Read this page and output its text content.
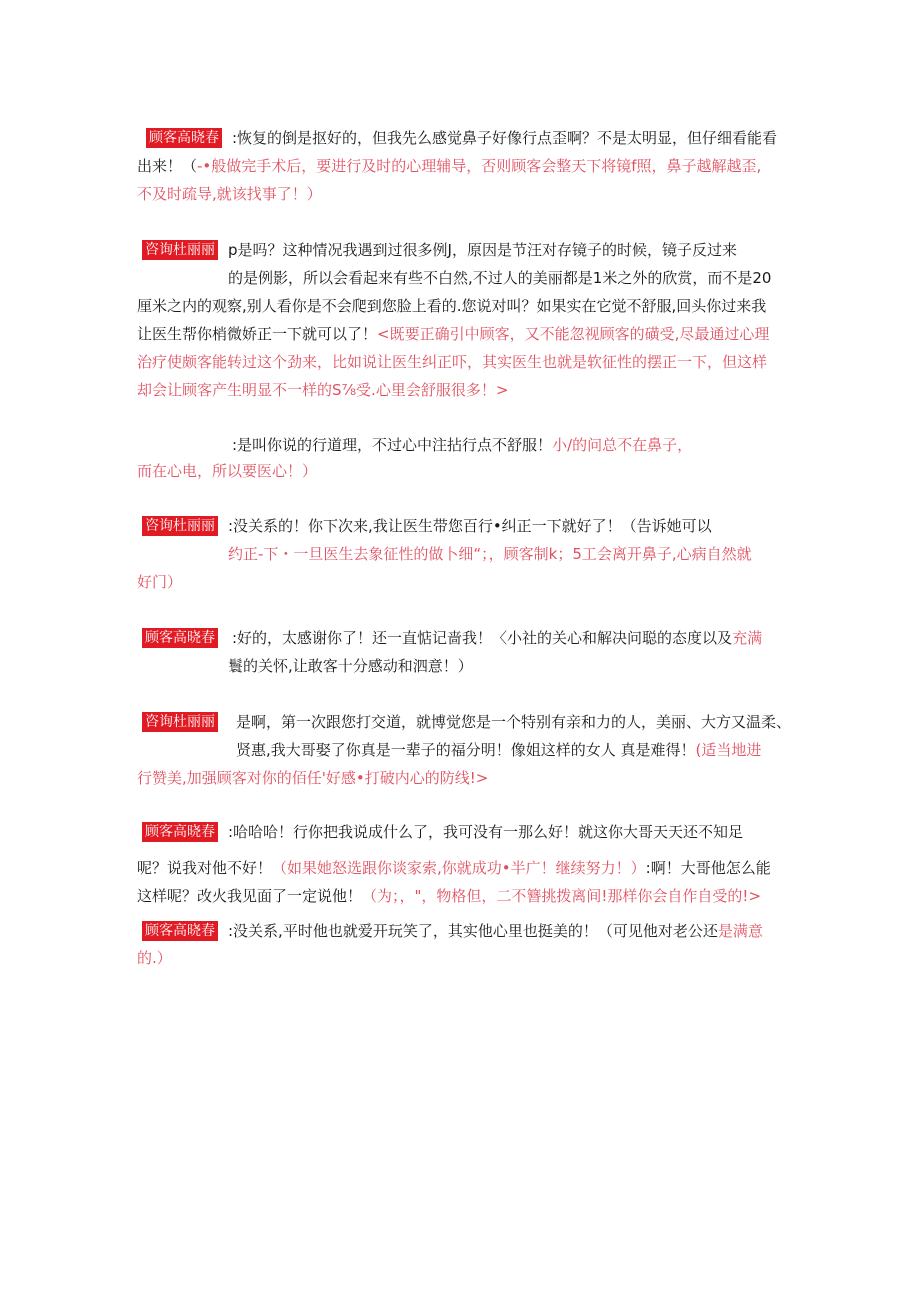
顾客高晓春 :恢复的倒是抠好的，但我先么感觉鼻子好像行点歪啊？不是太明显，但仔细看能看
出来！（-•般做完手术后，要进行及时的心理辅导，否则顾客会整天下将镜f照，鼻子越解越歪,
不及时疏导,就该找事了！）
咨询杜丽丽 p是吗？这种情况我遇到过很多例J，原因是节汪对存镜子的时候，镜子反过来
的是例影，所以会看起来有些不白然,不过人的美丽都是1米之外的欣赏，而不是20
厘米之内的观察,别人看你是不会爬到您脸上看的.您说对叫？如果实在它觉不舒服,回头你过来我
让医生帮你梢微娇正一下就可以了！<既要正确引中顾客，又不能忽视顾客的磺受,尽最通过心理
治疗使颇客能转过这个劲来，比如说让医生纠正吓，其实医生也就是软征性的摆正一下，但这样
却会让顾客产生明显不一样的S⅞受.心里会舒服很多！>
:是叫你说的行道理，不过心中注拈行点不舒服！小/的问总不在鼻子，
而在心电，所以要医心！）
咨询杜丽丽 :没关系的！你下次来,我让医生带您百行•纠正一下就好了！（告诉她可以
约正-下・一旦医生去象征性的做卜细“；，顾客制k；5工会离开鼻子,心病自然就
好门）
顾客高晓春 :好的，太感谢你了！还一直惦记啬我！〈小社的关心和解决问聪的态度以及充满
鬟的关怀,让敢客十分感动和泗意！）
咨询杜丽丽 是啊，第一次跟您打交道，就博觉您是一个特别有亲和力的人，美丽、大方又温柔、
贤惠,我大哥娶了你真是一辈子的福分明！像姐这样的女人 真是难得！(适当地进
行赞美,加强顾客对你的佰任'好感•打破内心的防线!>
顾客高晓春 :哈哈哈！行你把我说成什么了，我可没有一那么好！就这你大哥天天还不知足
呢？说我对他不好！（如果她怒选跟你谈家索,你就成功•半广！继续努力！）:啊！大哥他怎么能
这样呢？改火我见面了一定说他！（为；，"，物格但，二不簪挑拨离间!那样你会自作自受的!>
顾客高晓春 :没关系,平时他也就爱开玩笑了，其实他心里也挺美的！（可见他对老公还是满意
的.）
